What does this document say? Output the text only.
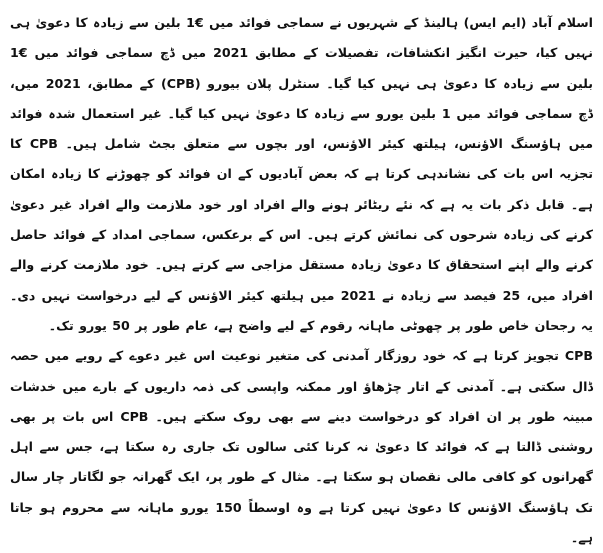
اسلام آباد (ایم ایس) ہالینڈ کے شہریوں نے سماجی فوائد میں €1 بلین سے زیادہ کا دعویٰ ہی نہیں کیا، حیرت انگیز انکشافات، تفصیلات کے مطابق 2021 میں ڈچ سماجی فوائد میں €1 بلین سے زیادہ کا دعویٰ ہی نہیں کیا گیا۔ سنٹرل پلان بیورو (CPB) کے مطابق، 2021 میں، ڈچ سماجی فوائد میں 1 بلین یورو سے زیادہ کا دعویٰ نہیں کیا گیا۔ غیر استعمال شدہ فوائد میں ہاؤسنگ الاؤنس، ہیلتھ کیئر الاؤنس، اور بچوں سے متعلق بجٹ شامل ہیں۔ CPB کا تجزیہ اس بات کی نشاندہی کرتا ہے کہ بعض آبادیوں کے ان فوائد کو چھوڑنے کا زیادہ امکان ہے۔ قابل ذکر بات یہ ہے کہ نئے ریٹائر ہونے والے افراد اور خود ملازمت والے افراد غیر دعویٰ کرنے کی زیادہ شرحوں کی نمائش کرتے ہیں۔ اس کے برعکس، سماجی امداد کے فوائد حاصل کرنے والے اپنے استحقاق کا دعویٰ زیادہ مستقل مزاجی سے کرتے ہیں۔ خود ملازمت کرنے والے افراد میں، 25 فیصد سے زیادہ نے 2021 میں ہیلتھ کیئر الاؤنس کے لیے درخواست نہیں دی۔ یہ رجحان خاص طور پر چھوٹی ماہانہ رقوم کے لیے واضح ہے، عام طور پر 50 یورو تک۔

CPB تجویز کرتا ہے کہ خود روزگار آمدنی کی متغیر نوعیت اس غیر دعوے کے رویے میں حصہ ڈال سکتی ہے۔ آمدنی کے اتار چڑھاؤ اور ممکنہ واپسی کی ذمہ داریوں کے بارے میں خدشات مبینہ طور پر ان افراد کو درخواست دینے سے بھی روک سکتے ہیں۔ CPB اس بات پر بھی روشنی ڈالتا ہے کہ فوائد کا دعویٰ نہ کرنا کئی سالوں تک جاری رہ سکتا ہے، جس سے اہل گھرانوں کو کافی مالی نقصان ہو سکتا ہے۔ مثال کے طور پر، ایک گھرانہ جو لگاتار چار سال تک ہاؤسنگ الاؤنس کا دعویٰ نہیں کرتا ہے وہ اوسطاً 150 یورو ماہانہ سے محروم ہو جاتا ہے۔
